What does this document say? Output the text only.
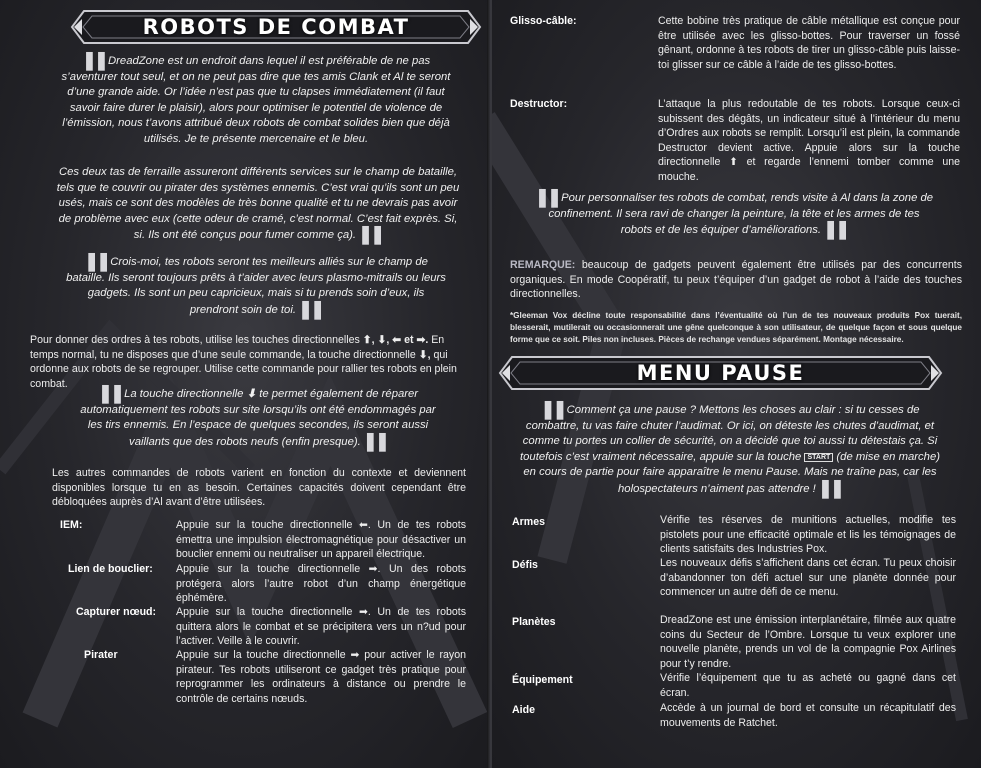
ROBOTS DE COMBAT
❚❚ DreadZone est un endroit dans lequel il est préférable de ne pas s’aventurer tout seul, et on ne peut pas dire que tes amis Clank et Al te seront d’une grande aide. Or l’idée n’est pas que tu clapses immédiatement (il faut savoir faire durer le plaisir), alors pour optimiser le potentiel de violence de l’émission, nous t’avons attribué deux robots de combat solides bien que déjà utilisés. Je te présente mercenaire et le bleu.
Ces deux tas de ferraille assureront différents services sur le champ de bataille, tels que te couvrir ou pirater des systèmes ennemis. C’est vrai qu’ils sont un peu usés, mais ce sont des modèles de très bonne qualité et tu ne devrais pas avoir de problème avec eux (cette odeur de cramé, c’est normal. C’est fait exprès. Si, si. Ils ont été conçus pour fumer comme ça). ❚❚
❚❚ Crois-moi, tes robots seront tes meilleurs alliés sur le champ de bataille. Ils seront toujours prêts à t’aider avec leurs plasmo-mitrails ou leurs gadgets. Ils sont un peu capricieux, mais si tu prends soin d’eux, ils prendront soin de toi. ❚❚
Pour donner des ordres à tes robots, utilise les touches directionnelles ⬆, ⬇, ⬅ et ➡. En temps normal, tu ne disposes que d’une seule commande, la touche directionnelle ⬇, qui ordonne aux robots de se regrouper. Utilise cette commande pour rallier tes robots en plein combat.	❚❚ La touche directionnelle ⬇ te permet également de réparer automatiquement tes robots sur site lorsqu’ils ont été endommagés par les tirs ennemis. En l’espace de quelques secondes, ils seront aussi vaillants que des robots neufs (enfin presque). ❚❚
Les autres commandes de robots varient en fonction du contexte et deviennent disponibles lorsque tu en as besoin. Certaines capacités doivent cependant être débloquées auprès d’Al avant d’être utilisées.
IEM:	Appuie sur la touche directionnelle ⬅. Un de tes robots émettra une impulsion électromagnétique pour désactiver un bouclier ennemi ou neutraliser un appareil électrique.
Lien de bouclier: Appuie sur la touche directionnelle ➡. Un des robots protégera alors l’autre robot d’un champ énergétique éphémère.
Capturer nœud: Appuie sur la touche directionnelle ➡. Un de tes robots quittera alors le combat et se précipitera vers un n?ud pour l’activer. Veille à le couvrir.
Pirater	Appuie sur la touche directionnelle ➡ pour activer le rayon pirateur. Tes robots utiliseront ce gadget très pratique pour reprogrammer les ordinateurs à distance ou prendre le contrôle de certains nœuds.
Glisso-câble:	Cette bobine très pratique de câble métallique est conçue pour être utilisée avec les glisso-bottes. Pour traverser un fossé gênant, ordonne à tes robots de tirer un glisso-câble puis laisse-toi glisser sur ce câble à l’aide de tes glisso-bottes.
Destructor:	L’attaque la plus redoutable de tes robots. Lorsque ceux-ci subissent des dégâts, un indicateur situé à l’intérieur du menu d’Ordres aux robots se remplit. Lorsqu’il est plein, la commande Destructor devient active. Appuie alors sur la touche directionnelle ⬆ et regarde l’ennemi tomber comme une mouche.
❚❚ Pour personnaliser tes robots de combat, rends visite à Al dans la zone de confinement. Il sera ravi de changer la peinture, la tête et les armes de tes robots et de les équiper d’améliorations. ❚❚
REMARQUE: beaucoup de gadgets peuvent également être utilisés par des concurrents organiques. En mode Coopératif, tu peux t’équiper d’un gadget de robot à l’aide des touches directionnelles.
*Gleeman Vox décline toute responsabilité dans l’éventualité où l’un de tes nouveaux produits Pox tuerait, blesserait, mutilerait ou occasionnerait une gêne quelconque à son utilisateur, de quelque façon et sous quelque forme que ce soit. Piles non incluses. Pièces de rechange vendues séparément. Montage nécessaire.
MENU PAUSE
❚❚ Comment ça une pause ? Mettons les choses au clair : si tu cesses de combattre, tu vas faire chuter l’audimat. Or ici, on déteste les chutes d’audimat, et comme tu portes un collier de sécurité, on a décidé que toi aussi tu détestais ça. Si toutefois c’est vraiment nécessaire, appuie sur la touche START (de mise en marche) en cours de partie pour faire apparaître le menu Pause. Mais ne traîne pas, car les holospectateurs n’aiment pas attendre ! ❚❚
Armes	Vérifie tes réserves de munitions actuelles, modifie tes pistolets pour une efficacité optimale et lis les témoignages de clients satisfaits des Industries Pox.
Défis	Les nouveaux défis s’affichent dans cet écran. Tu peux choisir d’abandonner ton défi actuel sur une planète donnée pour commencer un autre défi de ce menu.
Planètes	DreadZone est une émission interplanétaire, filmée aux quatre coins du Secteur de l’Ombre. Lorsque tu veux explorer une nouvelle planète, prends un vol de la compagnie Pox Airlines pour t’y rendre.
Équipement	Vérifie l’équipement que tu as acheté ou gagné dans cet écran.
Aide	Accède à un journal de bord et consulte un récapitulatif des mouvements de Ratchet.
